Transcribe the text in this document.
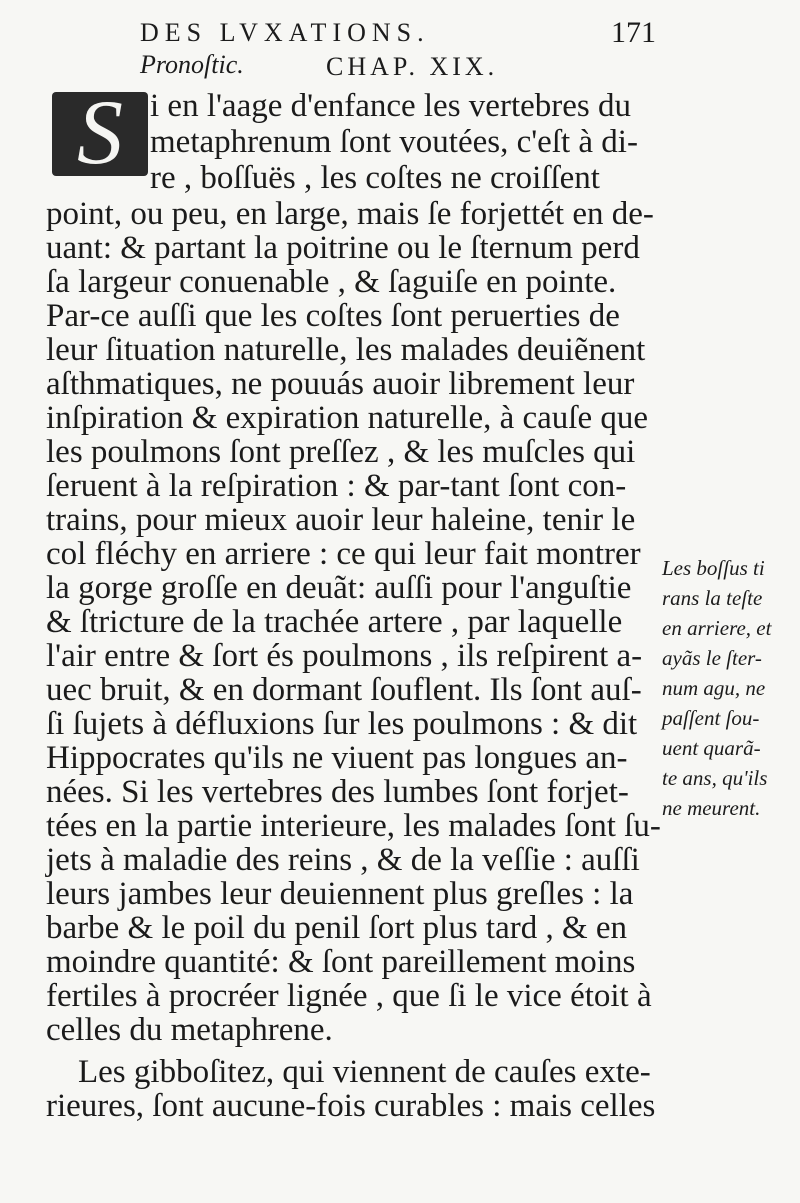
DES LVXATIONS.	171
Pronoſtic.	CHAP. XIX.
S i en l'aage d'enfance les vertebres du
metaphrenum ſont voutées, c'eſt à di-
re , boſſuës , les coſtes ne croiſſent
point, ou peu, en large, mais ſe forjettét en de-
uant: & partant la poitrine ou le ſternum perd
ſa largeur conuenable , & ſaguiſe en pointe.
Par-ce auſſi que les coſtes ſont peruerties de
leur ſituation naturelle, les malades deuiẽnent
aſthmatiques, ne pouuás auoir librement leur
inſpiration & expiration naturelle, à cauſe que
les poulmons ſont preſſez , & les muſcles qui
ſeruent à la reſpiration : & par-tant ſont con-
trains, pour mieux auoir leur haleine, tenir le
col fléchy en arriere : ce qui leur fait montrer
la gorge groſſe en deuãt: auſſi pour l'anguſtie
& ſtricture de la trachée artere , par laquelle
l'air entre & ſort és poulmons , ils reſpirent a-
uec bruit, & en dormant ſouflent. Ils ſont auſ-
ſi ſujets à défluxions ſur les poulmons : & dit
Hippocrates qu'ils ne viuent pas longues an-
nées. Si les vertebres des lumbes ſont forjet-
tées en la partie interieure, les malades ſont ſu-
jets à maladie des reins , & de la veſſie : auſſi
leurs jambes leur deuiennent plus greſles : la
barbe & le poil du penil ſort plus tard , & en
moindre quantité: & ſont pareillement moins
fertiles à procréer lignée , que ſi le vice étoit à
celles du metaphrene.
Les gibboſitez, qui viennent de cauſes exte-
rieures, ſont aucune-fois curables : mais celles
Les boſſus ti
rans la teſte
en arriere, et
ayãs le ſter-
num agu, ne
paſſent ſou-
uent quarã-
te ans, qu'ils
ne meurent.
